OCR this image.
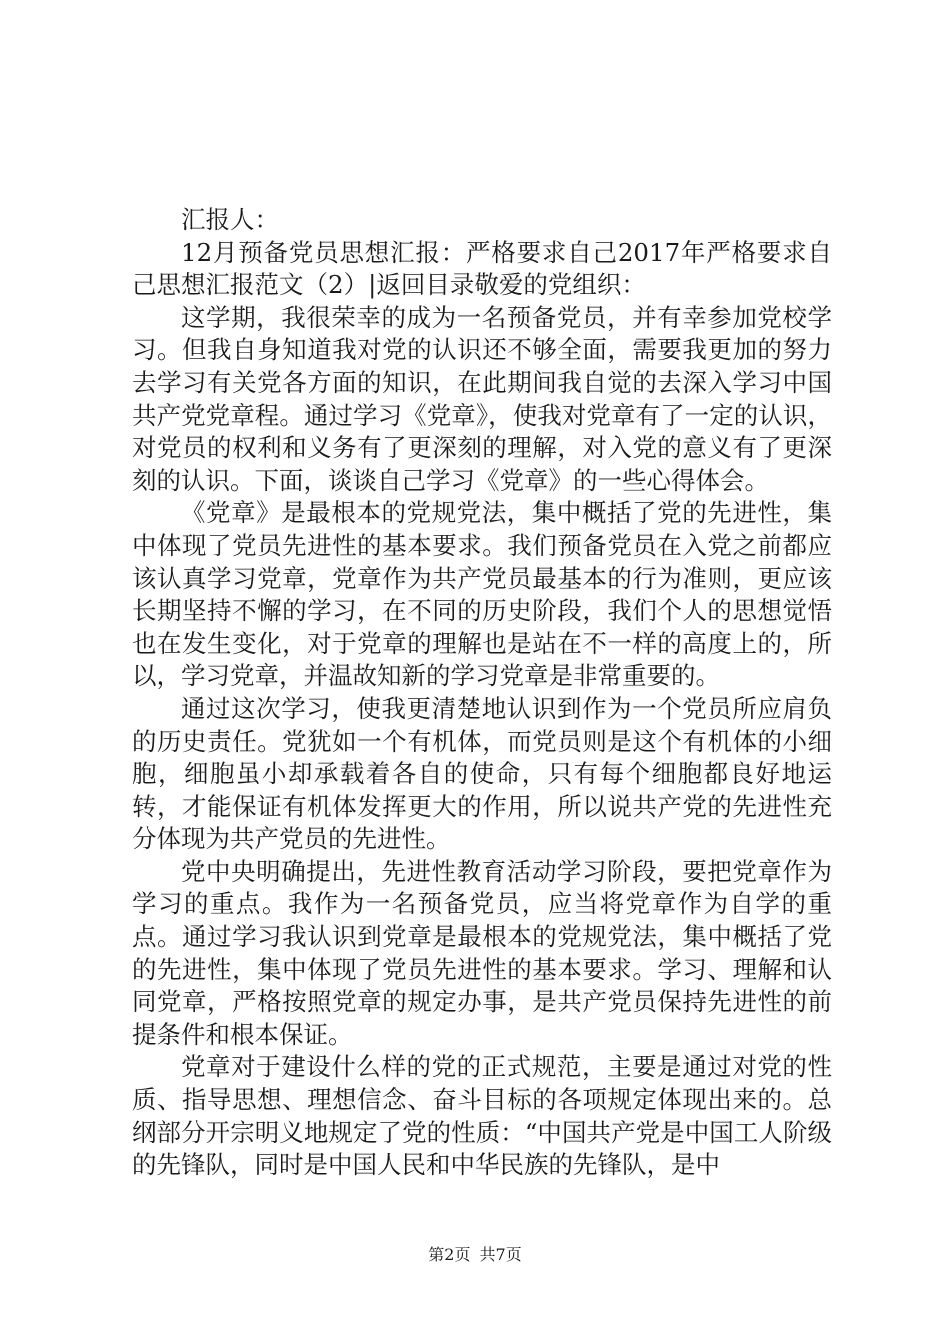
汇报人：

12月预备党员思想汇报：严格要求自己2017年严格要求自己思想汇报范文（2）|返回目录敬爱的党组织：

这学期，我很荣幸的成为一名预备党员，并有幸参加党校学习。但我自身知道我对党的认识还不够全面，需要我更加的努力去学习有关党各方面的知识，在此期间我自觉的去深入学习中国共产党党章程。通过学习《党章》，使我对党章有了一定的认识，对党员的权利和义务有了更深刻的理解，对入党的意义有了更深刻的认识。下面，谈谈自己学习《党章》的一些心得体会。

《党章》是最根本的党规党法，集中概括了党的先进性，集中体现了党员先进性的基本要求。我们预备党员在入党之前都应该认真学习党章，党章作为共产党员最基本的行为准则，更应该长期坚持不懈的学习，在不同的历史阶段，我们个人的思想觉悟也在发生变化，对于党章的理解也是站在不一样的高度上的，所以，学习党章，并温故知新的学习党章是非常重要的。

通过这次学习，使我更清楚地认识到作为一个党员所应肩负的历史责任。党犹如一个有机体，而党员则是这个有机体的小细胞，细胞虽小却承载着各自的使命，只有每个细胞都良好地运转，才能保证有机体发挥更大的作用，所以说共产党的先进性充分体现为共产党员的先进性。

党中央明确提出，先进性教育活动学习阶段，要把党章作为学习的重点。我作为一名预备党员，应当将党章作为自学的重点。通过学习我认识到党章是最根本的党规党法，集中概括了党的先进性，集中体现了党员先进性的基本要求。学习、理解和认同党章，严格按照党章的规定办事，是共产党员保持先进性的前提条件和根本保证。

党章对于建设什么样的党的正式规范，主要是通过对党的性质、指导思想、理想信念、奋斗目标的各项规定体现出来的。总纲部分开宗明义地规定了党的性质：“中国共产党是中国工人阶级的先锋队，同时是中国人民和中华民族的先锋队，是中

第2页 共7页
